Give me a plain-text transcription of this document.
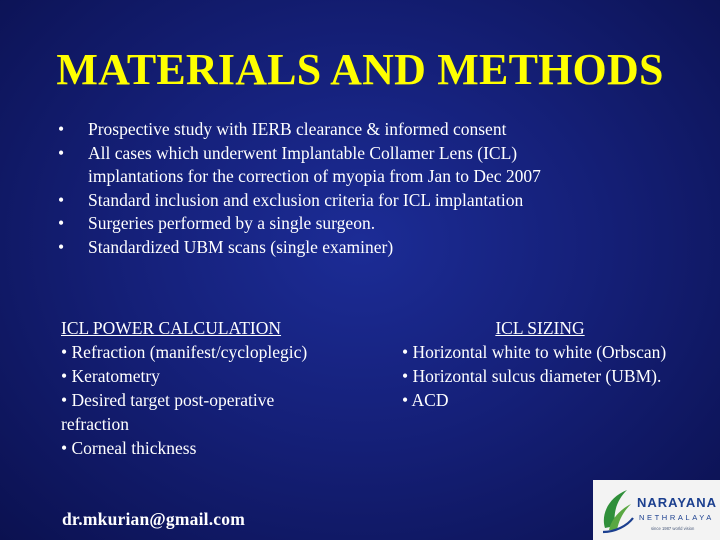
MATERIALS AND METHODS
• Prospective study with IERB clearance & informed consent
• All cases which underwent Implantable Collamer Lens (ICL)
implantations for the correction of myopia from Jan to Dec 2007
• Standard inclusion and exclusion criteria for ICL implantation
• Surgeries performed by a single surgeon.
• Standardized UBM scans (single examiner)
ICL POWER CALCULATION
• Refraction (manifest/cycloplegic)
• Keratometry
• Desired target post-operative
refraction
• Corneal thickness
ICL SIZING
• Horizontal white to white (Orbscan)
• Horizontal sulcus diameter (UBM).
• ACD
dr.mkurian@gmail.com
NARAYANA
NETHRALAYA
since 1987 world vision
